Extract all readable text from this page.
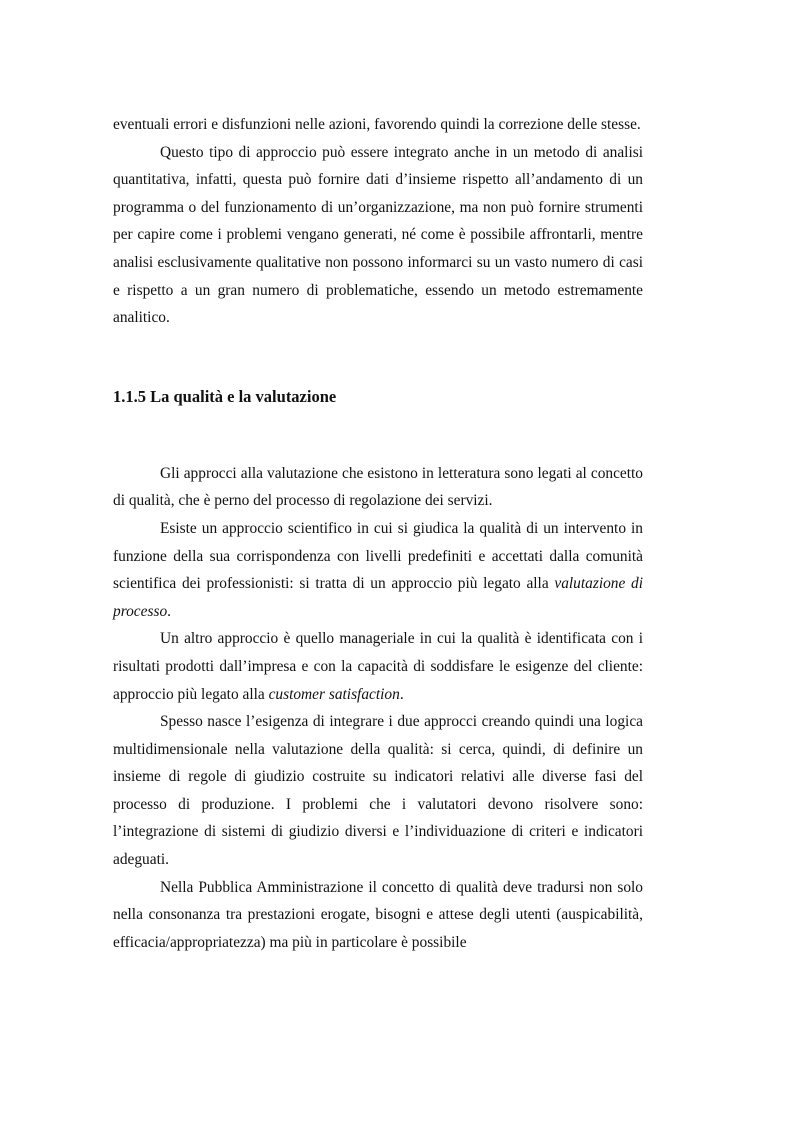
eventuali errori e disfunzioni nelle azioni, favorendo quindi la correzione delle stesse.

Questo tipo di approccio può essere integrato anche in un metodo di analisi quantitativa, infatti, questa può fornire dati d’insieme rispetto all’andamento di un programma o del funzionamento di un’organizzazione, ma non può fornire strumenti per capire come i problemi vengano generati, né come è possibile affrontarli, mentre analisi esclusivamente qualitative non possono informarci su un vasto numero di casi e rispetto a un gran numero di problematiche, essendo un metodo estremamente analitico.

1.1.5 La qualità e la valutazione

Gli approcci alla valutazione che esistono in letteratura sono legati al concetto di qualità, che è perno del processo di regolazione dei servizi.

Esiste un approccio scientifico in cui si giudica la qualità di un intervento in funzione della sua corrispondenza con livelli predefiniti e accettati dalla comunità scientifica dei professionisti: si tratta di un approccio più legato alla valutazione di processo.

Un altro approccio è quello manageriale in cui la qualità è identificata con i risultati prodotti dall’impresa e con la capacità di soddisfare le esigenze del cliente: approccio più legato alla customer satisfaction.

Spesso nasce l’esigenza di integrare i due approcci creando quindi una logica multidimensionale nella valutazione della qualità: si cerca, quindi, di definire un insieme di regole di giudizio costruite su indicatori relativi alle diverse fasi del processo di produzione. I problemi che i valutatori devono risolvere sono: l’integrazione di sistemi di giudizio diversi e l’individuazione di criteri e indicatori adeguati.

Nella Pubblica Amministrazione il concetto di qualità deve tradursi non solo nella consonanza tra prestazioni erogate, bisogni e attese degli utenti (auspicabilità, efficacia/appropriatezza) ma più in particolare è possibile
